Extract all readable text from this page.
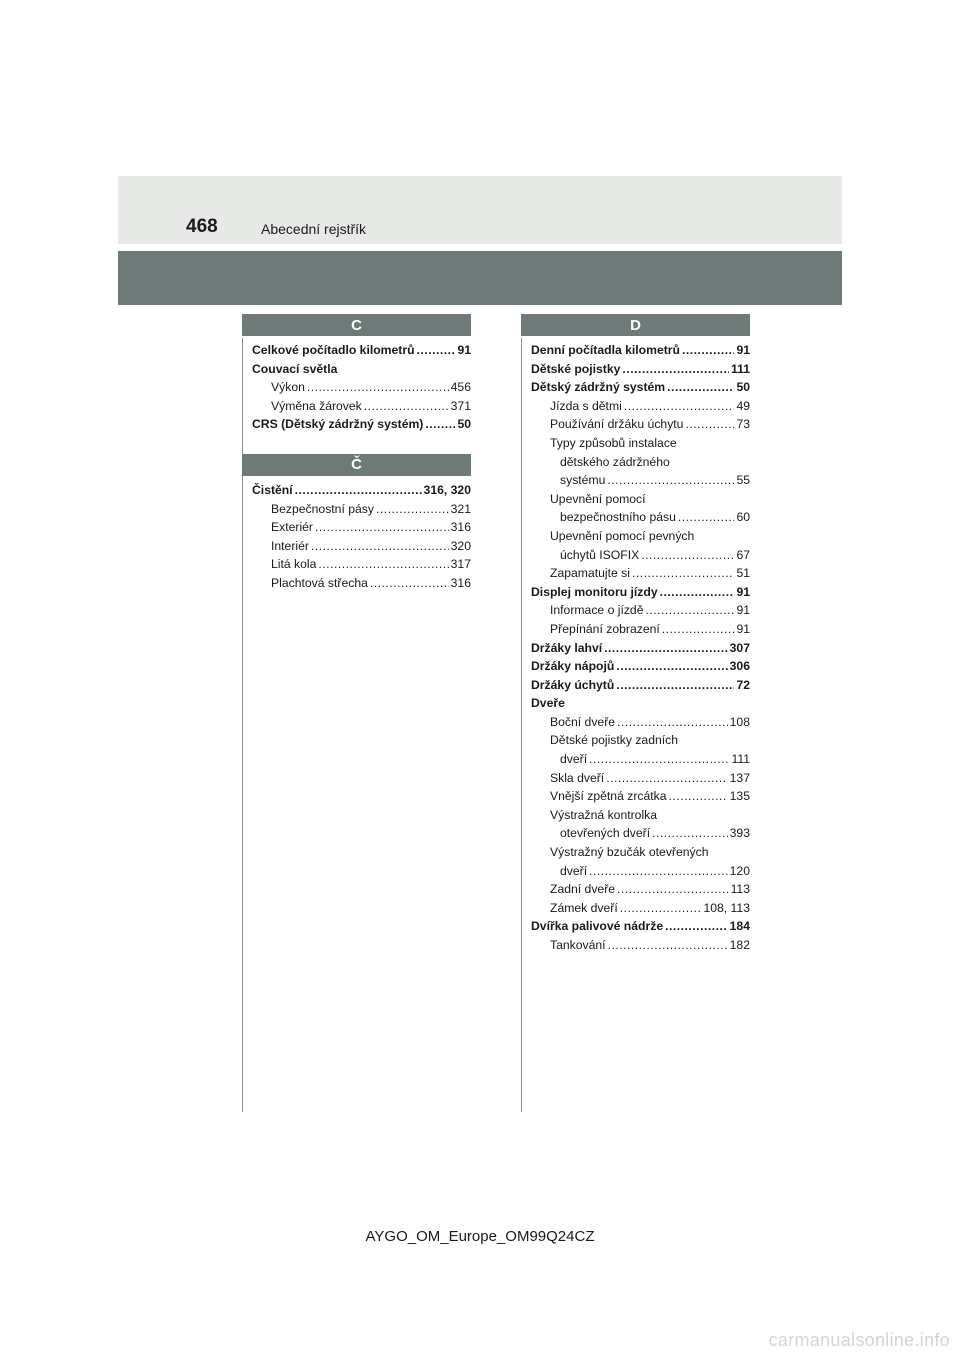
468	Abecední rejstřík
C
Celkové počítadlo kilometrů .....	91
Couvací světla
Výkon .....	456
Výměna žárovek .....	371
CRS (Dětský zádržný systém) .....	50
Č
Čistění .....	316, 320
Bezpečnostní pásy .....	321
Exteriér .....	316
Interiér .....	320
Litá kola .....	317
Plachtová střecha .....	316
D
Denní počítadla kilometrů .....	91
Dětské pojistky .....	111
Dětský zádržný systém .....	50
Jízda s dětmi .....	49
Používání držáku úchytu .....	73
Typy způsobů instalace
dětského zádržného
systému .....	55
Upevnění pomocí
bezpečnostního pásu .....	60
Upevnění pomocí pevných
úchytů ISOFIX .....	67
Zapamatujte si .....	51
Displej monitoru jízdy .....	91
Informace o jízdě .....	91
Přepínání zobrazení .....	91
Držáky lahví .....	307
Držáky nápojů .....	306
Držáky úchytů .....	72
Dveře
Boční dveře .....	108
Dětské pojistky zadních
dveří .....	111
Skla dveří .....	137
Vnější zpětná zrcátka .....	135
Výstražná kontrolka
otevřených dveří .....	393
Výstražný bzučák otevřených
dveří .....	120
Zadní dveře .....	113
Zámek dveří .....	108, 113
Dvířka palivové nádrže .....	184
Tankování .....	182
AYGO_OM_Europe_OM99Q24CZ
carmanualsonline.info
